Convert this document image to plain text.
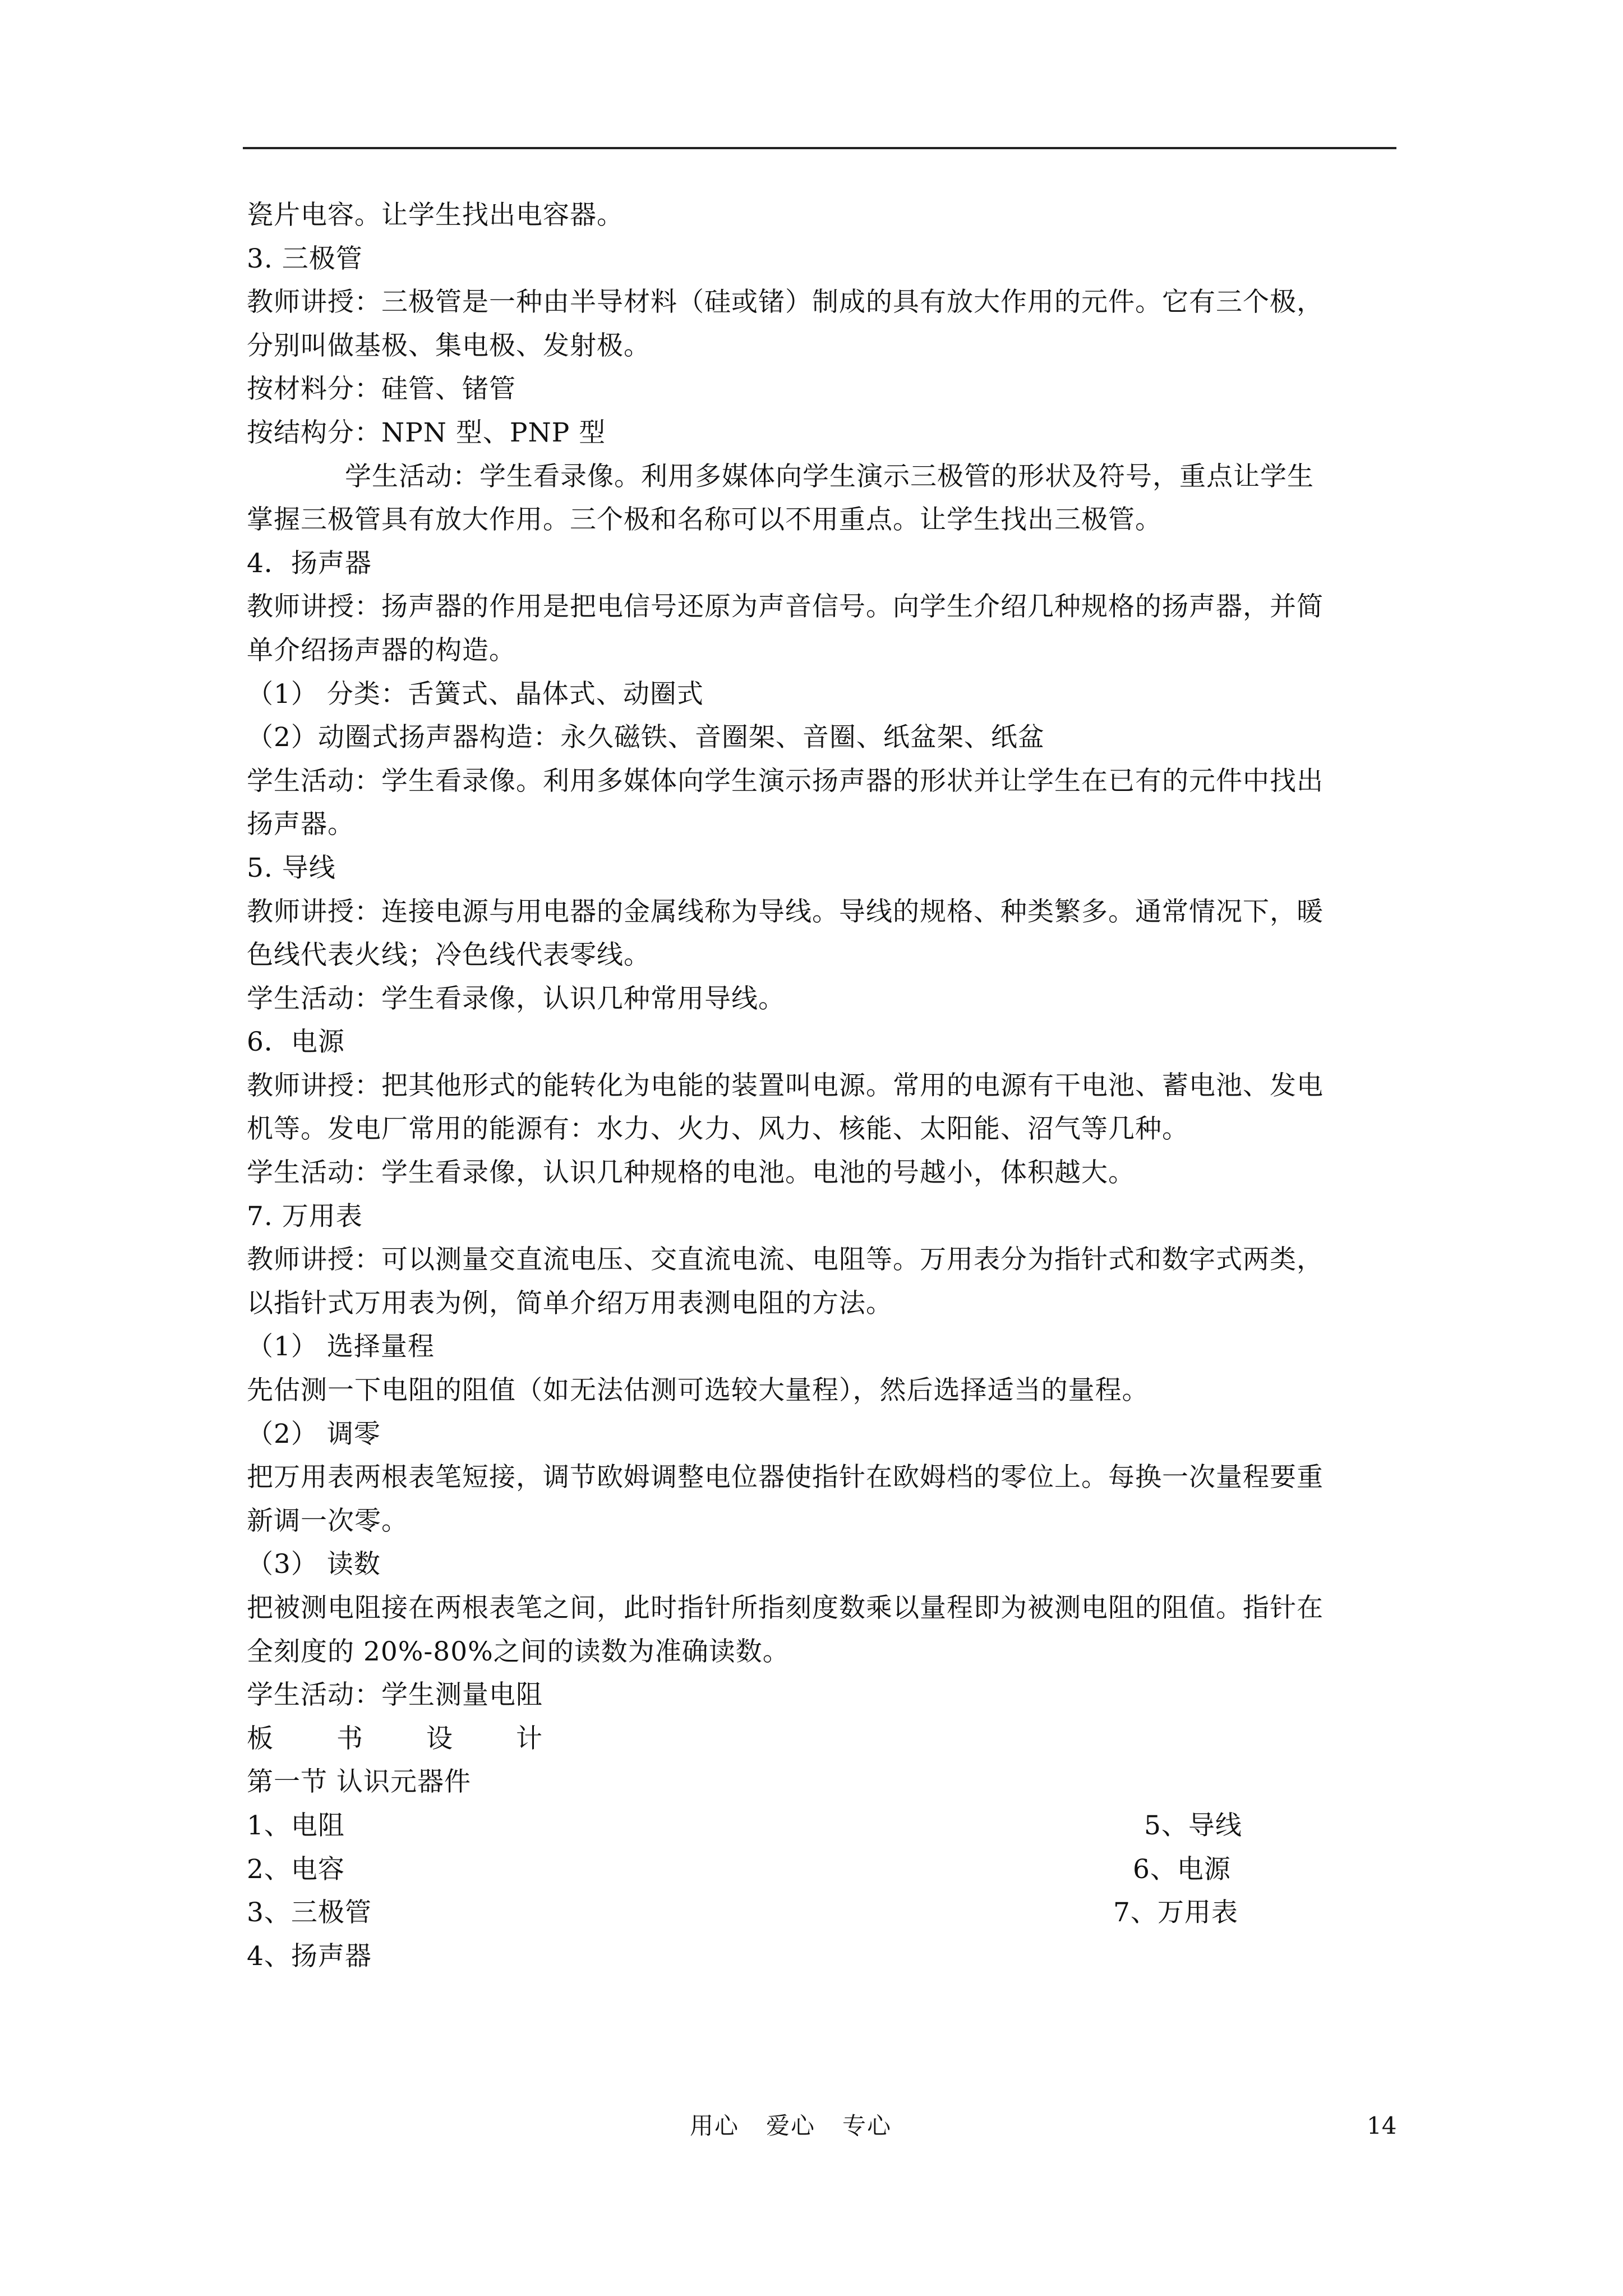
瓷片电容。让学生找出电容器。
3. 三极管
教师讲授：三极管是一种由半导材料（硅或锗）制成的具有放大作用的元件。它有三个极，
分别叫做基极、集电极、发射极。
按材料分：硅管、锗管
按结构分：NPN 型、PNP 型
学生活动：学生看录像。利用多媒体向学生演示三极管的形状及符号，重点让学生
掌握三极管具有放大作用。三个极和名称可以不用重点。让学生找出三极管。
4．扬声器
教师讲授：扬声器的作用是把电信号还原为声音信号。向学生介绍几种规格的扬声器，并简
单介绍扬声器的构造。
（1） 分类：舌簧式、晶体式、动圈式
（2）动圈式扬声器构造：永久磁铁、音圈架、音圈、纸盆架、纸盆
学生活动：学生看录像。利用多媒体向学生演示扬声器的形状并让学生在已有的元件中找出
扬声器。
5. 导线
教师讲授：连接电源与用电器的金属线称为导线。导线的规格、种类繁多。通常情况下，暖
色线代表火线；冷色线代表零线。
学生活动：学生看录像，认识几种常用导线。
6．电源
教师讲授：把其他形式的能转化为电能的装置叫电源。常用的电源有干电池、蓄电池、发电
机等。发电厂常用的能源有：水力、火力、风力、核能、太阳能、沼气等几种。
学生活动：学生看录像，认识几种规格的电池。电池的号越小，体积越大。
7. 万用表
教师讲授：可以测量交直流电压、交直流电流、电阻等。万用表分为指针式和数字式两类，
以指针式万用表为例，简单介绍万用表测电阻的方法。
（1） 选择量程
先估测一下电阻的阻值（如无法估测可选较大量程），然后选择适当的量程。
（2） 调零
把万用表两根表笔短接，调节欧姆调整电位器使指针在欧姆档的零位上。每换一次量程要重
新调一次零。
（3） 读数
把被测电阻接在两根表笔之间，此时指针所指刻度数乘以量程即为被测电阻的阻值。指针在
全刻度的 20%-80%之间的读数为准确读数。
学生活动：学生测量电阻
板 书 设 计
第一节 认识元器件
1、电阻	5、导线
2、电容	6、电源
3、三极管	7、万用表
4、扬声器
用心 爱心 专心	14
